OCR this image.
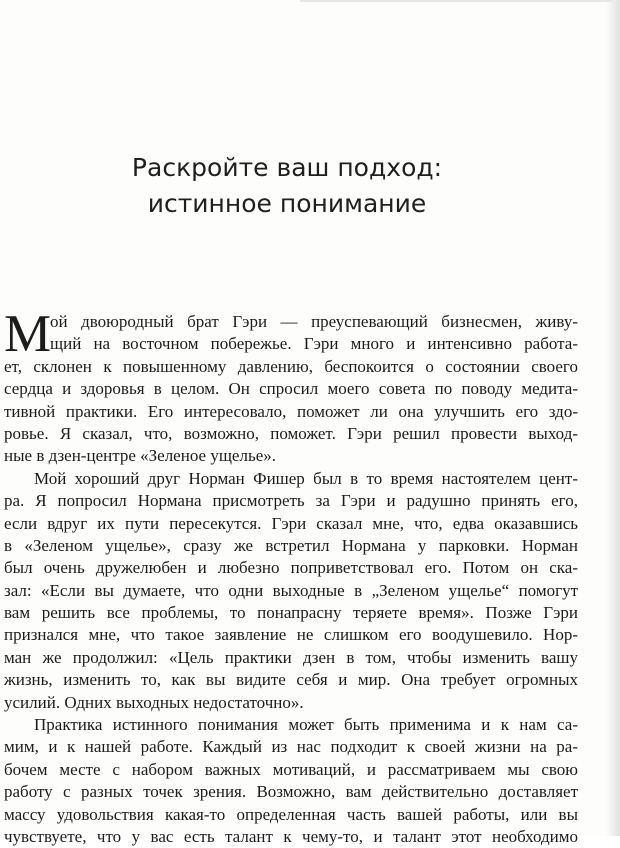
Раскройте ваш подход:
истинное понимание
М
ой двоюродный брат Гэри — преуспевающий бизнесмен, живу-
щий на восточном побережье. Гэри много и интенсивно работа-
ет, склонен к повышенному давлению, беспокоится о состоянии своего
сердца и здоровья в целом. Он спросил моего совета по поводу медита-
тивной практики. Его интересовало, поможет ли она улучшить его здо-
ровье. Я сказал, что, возможно, поможет. Гэри решил провести выход-
ные в дзен-центре «Зеленое ущелье».
Мой хороший друг Норман Фишер был в то время настоятелем цент-
ра. Я попросил Нормана присмотреть за Гэри и радушно принять его,
если вдруг их пути пересекутся. Гэри сказал мне, что, едва оказавшись
в «Зеленом ущелье», сразу же встретил Нормана у парковки. Норман
был очень дружелюбен и любезно поприветствовал его. Потом он ска-
зал: «Если вы думаете, что одни выходные в „Зеленом ущелье“ помогут
вам решить все проблемы, то понапрасну теряете время». Позже Гэри
признался мне, что такое заявление не слишком его воодушевило. Нор-
ман же продолжил: «Цель практики дзен в том, чтобы изменить вашу
жизнь, изменить то, как вы видите себя и мир. Она требует огромных
усилий. Одних выходных недостаточно».
Практика истинного понимания может быть применима и к нам са-
мим, и к нашей работе. Каждый из нас подходит к своей жизни на ра-
бочем месте с набором важных мотиваций, и рассматриваем мы свою
работу с разных точек зрения. Возможно, вам действительно доставляет
массу удовольствия какая-то определенная часть вашей работы, или вы
чувствуете, что у вас есть талант к чему-то, и талант этот необходимо
